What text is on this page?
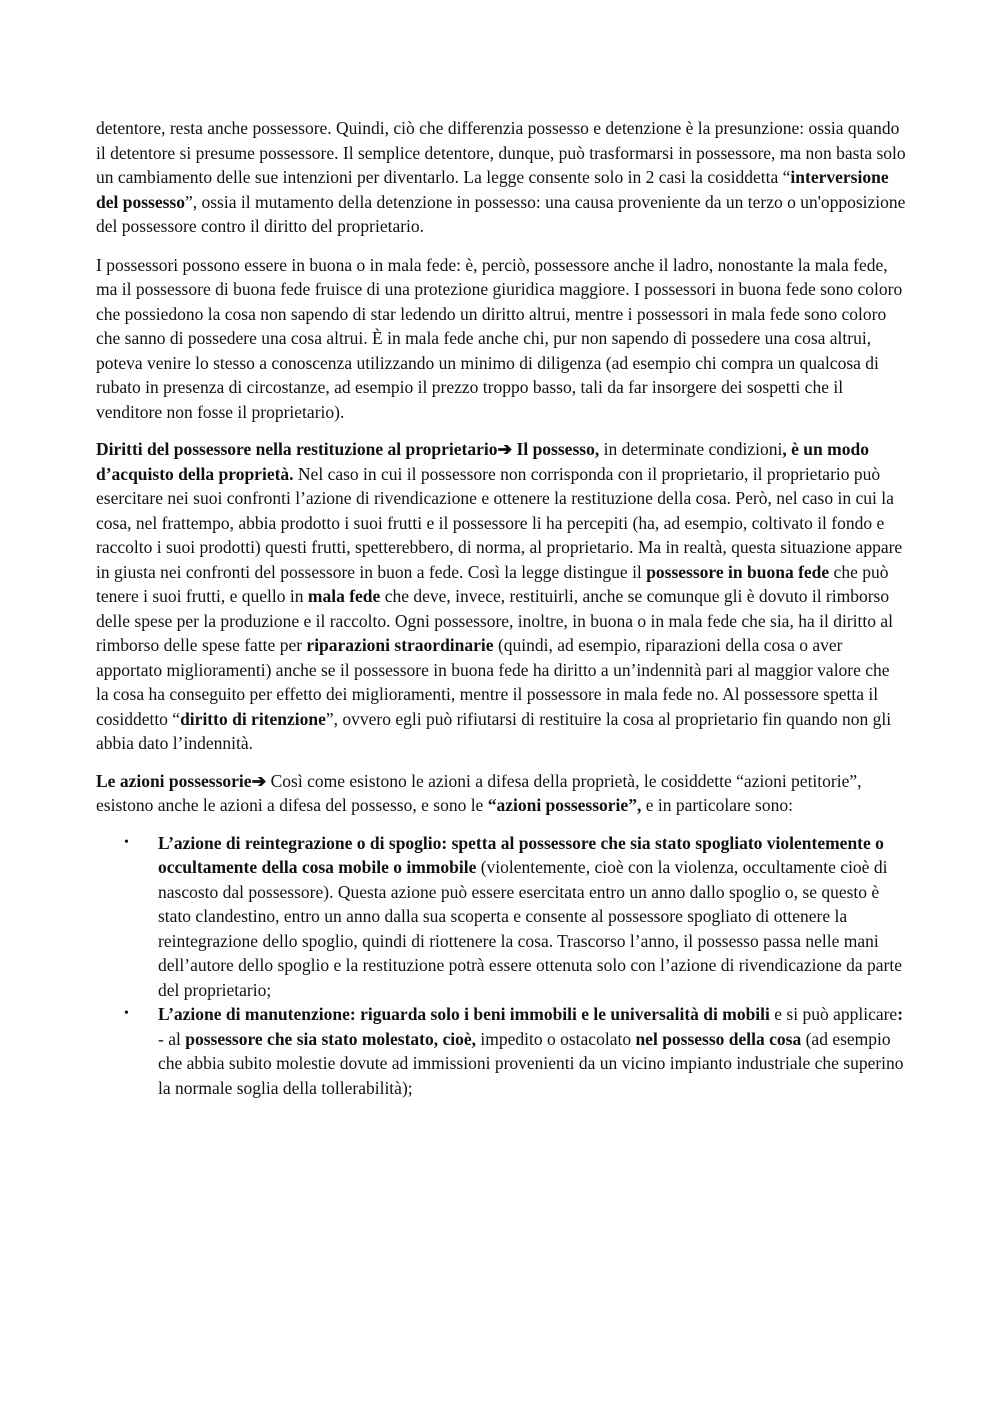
detentore, resta anche possessore. Quindi, ciò che differenzia possesso e detenzione è la presunzione: ossia quando il detentore si presume possessore. Il semplice detentore, dunque, può trasformarsi in possessore, ma non basta solo un cambiamento delle sue intenzioni per diventarlo. La legge consente solo in 2 casi la cosiddetta “interversione del possesso”, ossia il mutamento della detenzione in possesso: una causa proveniente da un terzo o un'opposizione del possessore contro il diritto del proprietario.

I possessori possono essere in buona o in mala fede: è, perciò, possessore anche il ladro, nonostante la mala fede, ma il possessore di buona fede fruisce di una protezione giuridica maggiore. I possessori in buona fede sono coloro che possiedono la cosa non sapendo di star ledendo un diritto altrui, mentre i possessori in mala fede sono coloro che sanno di possedere una cosa altrui. È in mala fede anche chi, pur non sapendo di possedere una cosa altrui, poteva venire lo stesso a conoscenza utilizzando un minimo di diligenza (ad esempio chi compra un qualcosa di rubato in presenza di circostanze, ad esempio il prezzo troppo basso, tali da far insorgere dei sospetti che il venditore non fosse il proprietario).

Diritti del possessore nella restituzione al proprietario➔ Il possesso, in determinate condizioni, è un modo d’acquisto della proprietà. Nel caso in cui il possessore non corrisponda con il proprietario, il proprietario può esercitare nei suoi confronti l’azione di rivendicazione e ottenere la restituzione della cosa. Però, nel caso in cui la cosa, nel frattempo, abbia prodotto i suoi frutti e il possessore li ha percepiti (ha, ad esempio, coltivato il fondo e raccolto i suoi prodotti) questi frutti, spetterebbero, di norma, al proprietario. Ma in realtà, questa situazione appare in giusta nei confronti del possessore in buon a fede. Così la legge distingue il possessore in buona fede che può tenere i suoi frutti, e quello in mala fede che deve, invece, restituirli, anche se comunque gli è dovuto il rimborso delle spese per la produzione e il raccolto. Ogni possessore, inoltre, in buona o in mala fede che sia, ha il diritto al rimborso delle spese fatte per riparazioni straordinarie (quindi, ad esempio, riparazioni della cosa o aver apportato miglioramenti) anche se il possessore in buona fede ha diritto a un’indennità pari al maggior valore che la cosa ha conseguito per effetto dei miglioramenti, mentre il possessore in mala fede no. Al possessore spetta il cosiddetto “diritto di ritenzione”, ovvero egli può rifiutarsi di restituire la cosa al proprietario fin quando non gli abbia dato l’indennità.

Le azioni possessorie➔ Così come esistono le azioni a difesa della proprietà, le cosiddette “azioni petitorie”, esistono anche le azioni a difesa del possesso, e sono le “azioni possessorie”, e in particolare sono:

• L’azione di reintegrazione o di spoglio: spetta al possessore che sia stato spogliato violentemente o occultamente della cosa mobile o immobile (violentemente, cioè con la violenza, occultamente cioè di nascosto dal possessore). Questa azione può essere esercitata entro un anno dallo spoglio o, se questo è stato clandestino, entro un anno dalla sua scoperta e consente al possessore spogliato di ottenere la reintegrazione dello spoglio, quindi di riottenere la cosa. Trascorso l’anno, il possesso passa nelle mani dell’autore dello spoglio e la restituzione potrà essere ottenuta solo con l’azione di rivendicazione da parte del proprietario;
• L’azione di manutenzione: riguarda solo i beni immobili e le universalità di mobili e si può applicare:
- al possessore che sia stato molestato, cioè, impedito o ostacolato nel possesso della cosa (ad esempio che abbia subito molestie dovute ad immissioni provenienti da un vicino impianto industriale che superino la normale soglia della tollerabilità);
